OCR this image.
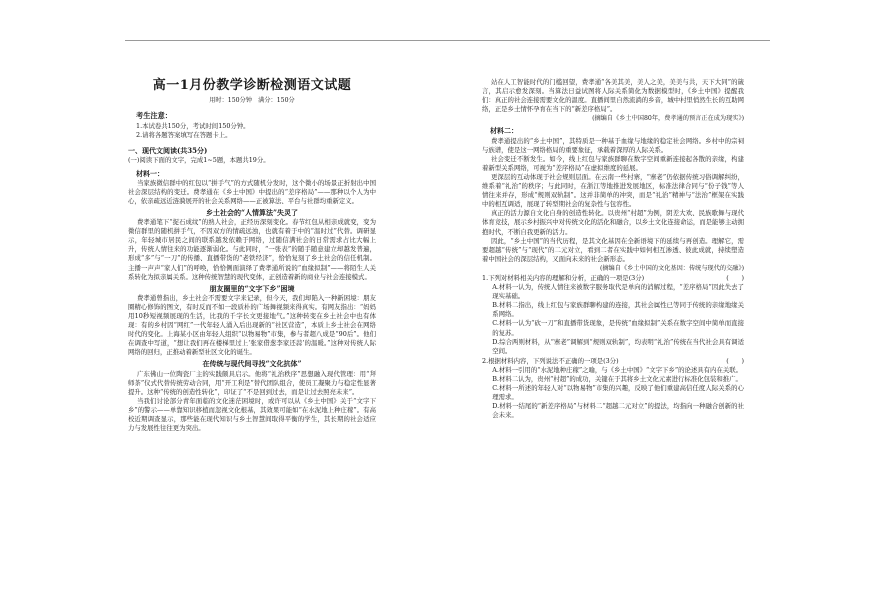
高一1月份教学诊断检测语文试题
用时：150分钟　满分：150分
考生注意：

1.本试卷共150分，考试时间150分钟。

2.请将各题答案填写在答题卡上。

一、现代文阅读(共35分)

(一)阅读下面的文字，完成1~5题，本题共19分。

材料一：

当家族微信群中的红包以“拼手气”的方式随机分发时，这个微小的场景正折射出中国社会深层结构的变迁。费孝通在《乡土中国》中提出的“差序格局”——那种以个人为中心，依亲疏远近涟漪展开的社会关系网络——正被算法、平台与社群均重新定义。

乡土社会的“人情算法”失灵了

费孝通笔下“捉石成纹”的熟人社会，正经历深刻变化。春节红包从相亲成就变，变为微信群里的随机拼手气，不因双方的情疏远浊，也就有着于中的“温时过”代替。调研显示，年轻城市居民之间的联系越发依赖于网络，过随信满社会的日常需求占比大幅上升，传统人情往来的功能逐渐弱化。与此同时，“一张表”的随手随意建立却越发普遍，形成“多”与“一刀”的传播、直播带货的“老铁经济”，恰恰复刻了乡土社会的信任机制。主播一声声“家人们”的呼唤，恰恰侧面演绎了费孝通所说的“血缘拟制”——将陌生人关系转化为拟亲属关系。这种传统智慧的现代变体，正创造着新的商业与社会连接模式。

朋友圈里的“文字下乡”困境

费孝通曾指出，乡土社会不需要文字来记录，但今天，我们却陷入一种新困境：朋友圈精心修饰的图文，有时反而不如一段质朴的广场舞视频来得真实。有网友指出：“妈妈用10秒短视频展现的生活，比我的千字长文更接地气。”这种转变在乡土社会中也有体现：有的乡村因“网红”一代年轻人涌入后出现新的“社区营造”，本质上乡土社会在网络时代的变化。上海某小区由年轻人组织“以物易物”市集，参与者超八成是“90后”。他们在调查中写道，“想让我们再在楼梯里过上‘张家借葱李家还蒜’的温暖。”这种对传统人际网络的回归，正推动着新型社区文化的诞生。

在传统与现代间寻找“文化抗体”

广东佛山一位陶瓷厂主的实践颇具启示。他将“礼治秩序”思想融入现代管理：用“拜师茶”仪式代替传统劳动合同，用“开工利是”替代团队组合，使员工凝聚力与稳定性显著提升。这种“传统的创造性转化”，印证了“不是回到过去，而是让过去照亮未来”。

当我们讨论部分青年面临的文化迷茫困境时，或许可以从《乡土中国》关于“文字下乡”的警示——单靠知识移植而忽视文化根基，其效果可能如“在水泥地上种庄稼”。有高校近期调查显示，那些能在现代知识与乡土智慧间取得平衡的学生，其长期的社会适应力与发展性往往更为突出。

站在人工智能时代的门槛回望，费孝通“各美其美，美人之美，美美与共，天下大同”的箴言，其启示愈发深刻。当算法日益试图将人际关系简化为数据模型时，《乡土中国》提醒我们：真正的社会连接需要文化的温度。直播间里自然流淌的乡音，城中村里悄然生长的互助网络，正是乡土情怀孕育在当下的“新差序格局”。

(摘编自《乡土中国80年，费孝通的预言正在成为现实》)

材料二：

费孝通提出的“乡土中国”，其特质是一种基于血缘与地缘的稳定社会网络。乡村中的宗祠与族谱，使是这一网络格局的重要象征，承载着深厚的人际关系。

社会变迁不断发生。如今，线上红包与家族群聊在数字空间重新连接起各散的亲缘，构建着新型关系网络，可视为“差序格局”在虚拟维度的延展。

更深层的互动体现于社会规则层面。在云南一些村寨，“寨老”仍依据传统习俗调解纠纷，维系着“礼治”的秩序；与此同时，在浙江等地推进发展地区，标准法律合同与“份子钱”等人情往来并存，形成“规则双轨制”。这并非简单的冲突，而是“礼治”精神与“法治”框架在实践中的相互调适，展现了转型期社会的复杂性与包容性。

真正的活力源自文化自身的创造性转化。以贵州“村超”为例，阴差大欢、民族歌舞与现代体育竞技，展示乡村振兴中对传统文化的活化和融合，以乡土文化连接命运，而是能够主动拥抱时代，不断自我更新的活力。

因此，“乡土中国”的当代历程，是其文化基因在全新语境下的延续与再创造。理解它，需要超越“传统”与“现代”的二元对立，看到二者在实践中如何相互渗透、彼此成就，持续塑造着中国社会的深层结构，又面向未来的社会新形态。

(摘编自《乡土中国的文化基因：传统与现代的交融》)

1.下列对材料相关内容的理解和分析，正确的一项是(3分)	(　　)

A.材料一认为，传统人情往来被数字服务取代是单向的消解过程，“差序格局”因此失去了现实基础。

B.材料二指出，线上红包与家族群聊构建的连接，其社会属性已等同于传统的亲缘地缘关系网络。

C.材料一认为“砍一刀”和直播带货现象，是传统“血缘拟制”关系在数字空间中简单而直接的复苏。

D.综合两则材料，从“寨老”调解到“规则双轨制”，均表明“礼治”传统在当代社会具有调适空间。

2.根据材料内容，下列说法不正确的一项是(3分)	(　　)

A.材料一引用的“水泥地种庄稼”之喻，与《乡土中国》“文字下乡”的论述具有内在关联。

B.材料二认为，贵州“村超”的成功，关键在于其将乡土文化元素进行标准化包装和推广。

C.材料一所述的年轻人对“以物易物”市集的兴趣，反映了他们重建高信任度人际关系的心理需求。

D.材料一结尾的“新差序格局”与材料二“超越二元对立”的提法，均指向一种融合创新的社会未来。
